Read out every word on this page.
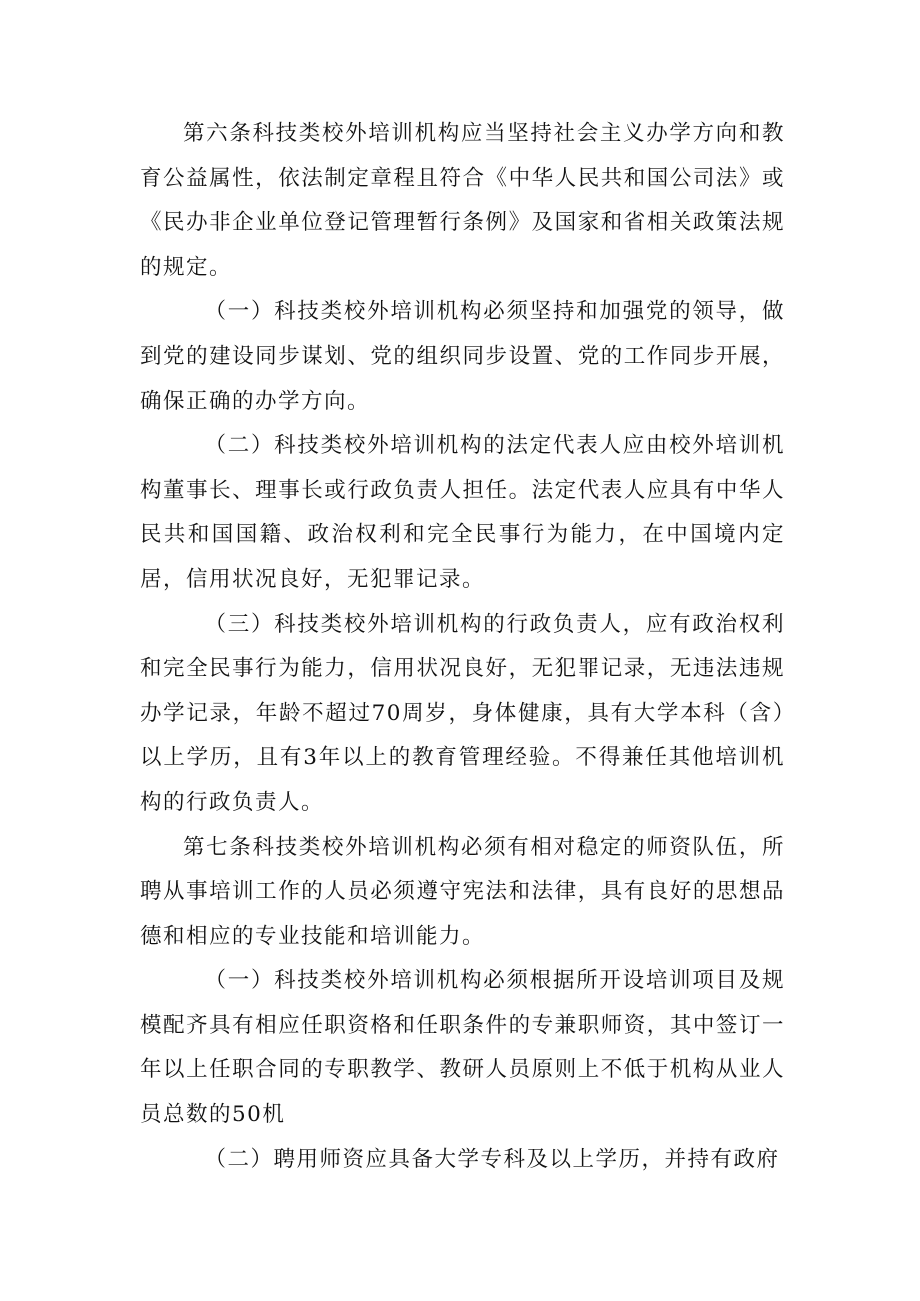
第六条科技类校外培训机构应当坚持社会主义办学方向和教育公益属性，依法制定章程且符合《中华人民共和国公司法》或《民办非企业单位登记管理暂行条例》及国家和省相关政策法规的规定。

（一）科技类校外培训机构必须坚持和加强党的领导，做到党的建设同步谋划、党的组织同步设置、党的工作同步开展，确保正确的办学方向。

（二）科技类校外培训机构的法定代表人应由校外培训机构董事长、理事长或行政负责人担任。法定代表人应具有中华人民共和国国籍、政治权利和完全民事行为能力，在中国境内定居，信用状况良好，无犯罪记录。

（三）科技类校外培训机构的行政负责人，应有政治权利和完全民事行为能力，信用状况良好，无犯罪记录，无违法违规办学记录，年龄不超过70周岁，身体健康，具有大学本科（含）以上学历，且有3年以上的教育管理经验。不得兼任其他培训机构的行政负责人。

第七条科技类校外培训机构必须有相对稳定的师资队伍，所聘从事培训工作的人员必须遵守宪法和法律，具有良好的思想品德和相应的专业技能和培训能力。

（一）科技类校外培训机构必须根据所开设培训项目及规模配齐具有相应任职资格和任职条件的专兼职师资，其中签订一年以上任职合同的专职教学、教研人员原则上不低于机构从业人员总数的50机

（二）聘用师资应具备大学专科及以上学历，并持有政府
